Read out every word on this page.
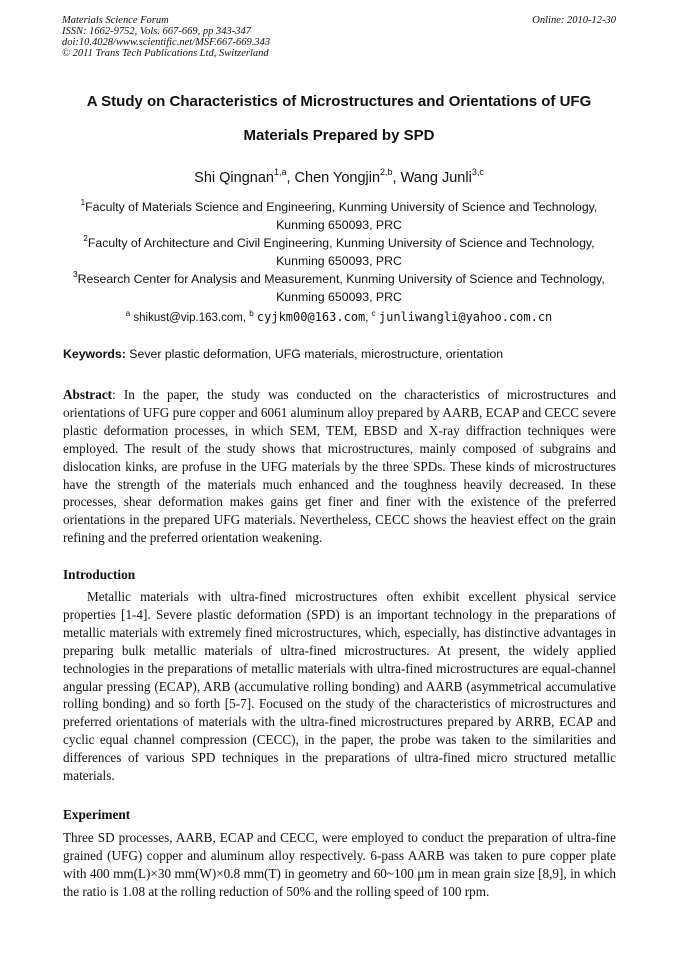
Materials Science Forum
ISSN: 1662-9752, Vols. 667-669, pp 343-347
doi:10.4028/www.scientific.net/MSF.667-669.343
© 2011 Trans Tech Publications Ltd, Switzerland
Online: 2010-12-30
A Study on Characteristics of Microstructures and Orientations of UFG
Materials Prepared by SPD
Shi Qingnan$^{1,a}$, Chen Yongjin$^{2,b}$, Wang Junli$^{3,c}$
$^1$Faculty of Materials Science and Engineering, Kunming University of Science and Technology,
Kunming 650093, PRC
$^2$Faculty of Architecture and Civil Engineering, Kunming University of Science and Technology,
Kunming 650093, PRC
$^3$Research Center for Analysis and Measurement, Kunming University of Science and Technology,
Kunming 650093, PRC
$^a$ shikust@vip.163.com, $^b$ cyjkm00@163.com, $^c$ junliwangli@yahoo.com.cn
Keywords: Sever plastic deformation, UFG materials, microstructure, orientation
Abstract: In the paper, the study was conducted on the characteristics of microstructures and orientations of UFG pure copper and 6061 aluminum alloy prepared by AARB, ECAP and CECC severe plastic deformation processes, in which SEM, TEM, EBSD and X-ray diffraction techniques were employed. The result of the study shows that microstructures, mainly composed of subgrains and dislocation kinks, are profuse in the UFG materials by the three SPDs. These kinds of microstructures have the strength of the materials much enhanced and the toughness heavily decreased. In these processes, shear deformation makes gains get finer and finer with the existence of the preferred orientations in the prepared UFG materials. Nevertheless, CECC shows the heaviest effect on the grain refining and the preferred orientation weakening.
Introduction
Metallic materials with ultra-fined microstructures often exhibit excellent physical service properties [1-4]. Severe plastic deformation (SPD) is an important technology in the preparations of metallic materials with extremely fined microstructures, which, especially, has distinctive advantages in preparing bulk metallic materials of ultra-fined microstructures. At present, the widely applied technologies in the preparations of metallic materials with ultra-fined microstructures are equal-channel angular pressing (ECAP), ARB (accumulative rolling bonding) and AARB (asymmetrical accumulative rolling bonding) and so forth [5-7]. Focused on the study of the characteristics of microstructures and preferred orientations of materials with the ultra-fined microstructures prepared by ARRB, ECAP and cyclic equal channel compression (CECC), in the paper, the probe was taken to the similarities and differences of various SPD techniques in the preparations of ultra-fined micro structured metallic materials.
Experiment
Three SD processes, AARB, ECAP and CECC, were employed to conduct the preparation of ultra-fine grained (UFG) copper and aluminum alloy respectively. 6-pass AARB was taken to pure copper plate with 400 mm(L)×30 mm(W)×0.8 mm(T) in geometry and 60~100 μm in mean grain size [8,9], in which the ratio is 1.08 at the rolling reduction of 50% and the rolling speed of 100 rpm.
